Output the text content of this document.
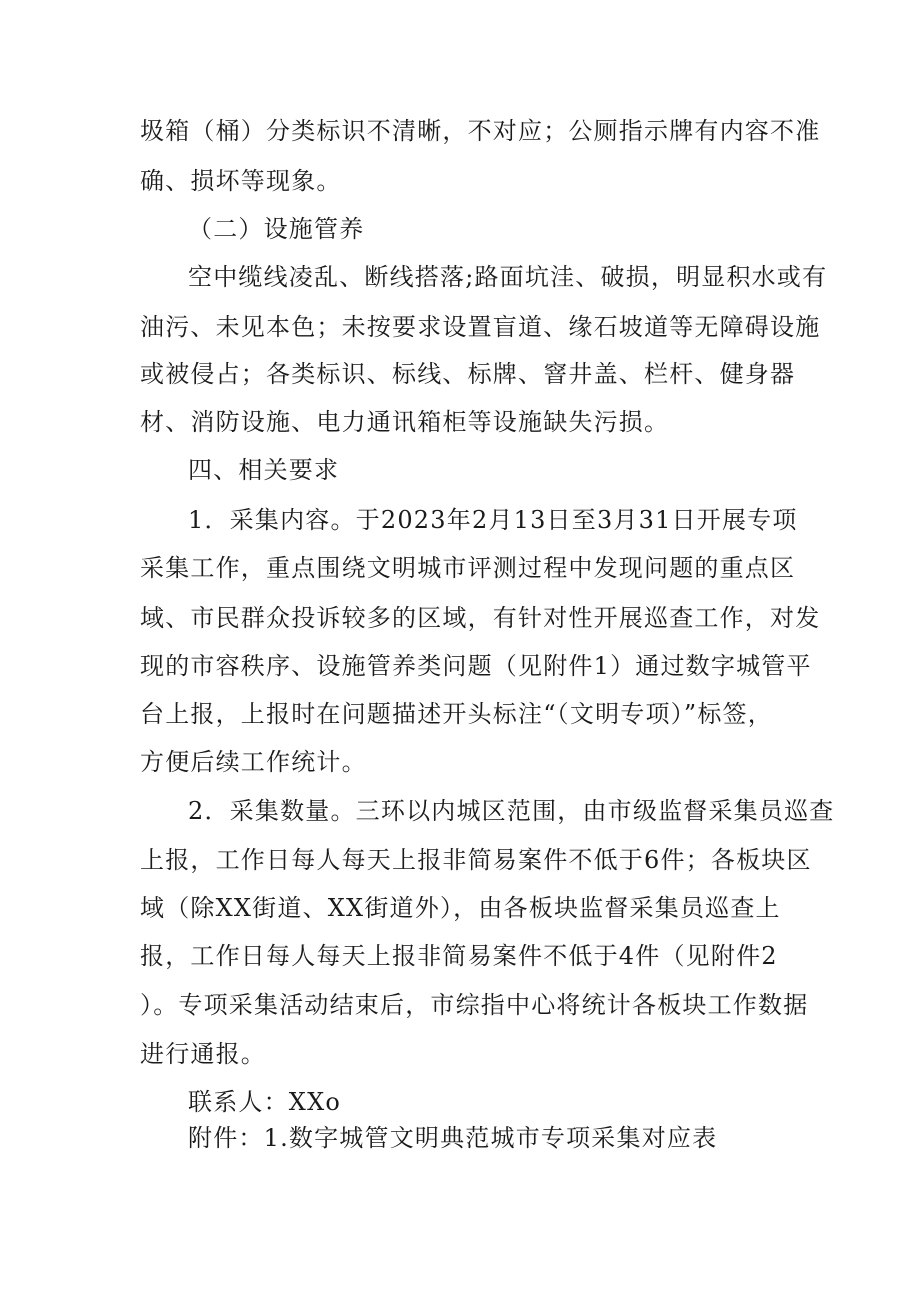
圾箱（桶）分类标识不清晰，不对应；公厕指示牌有内容不准
确、损坏等现象。
（二）设施管养
空中缆线凌乱、断线搭落;路面坑洼、破损，明显积水或有
油污、未见本色；未按要求设置盲道、缘石坡道等无障碍设施
或被侵占；各类标识、标线、标牌、窨井盖、栏杆、健身器
材、消防设施、电力通讯箱柜等设施缺失污损。
四、相关要求
1．采集内容。于2023年2月13日至3月31日开展专项
采集工作，重点围绕文明城市评测过程中发现问题的重点区
域、市民群众投诉较多的区域，有针对性开展巡查工作，对发
现的市容秩序、设施管养类问题（见附件1）通过数字城管平
台上报，上报时在问题描述开头标注“（文明专项）”标签，
方便后续工作统计。
2．采集数量。三环以内城区范围，由市级监督采集员巡查
上报，工作日每人每天上报非简易案件不低于6件；各板块区
域（除XX街道、XX街道外），由各板块监督采集员巡查上
报，工作日每人每天上报非简易案件不低于4件（见附件2
）。专项采集活动结束后，市综指中心将统计各板块工作数据
进行通报。
联系人：XXo
附件：1.数字城管文明典范城市专项采集对应表
